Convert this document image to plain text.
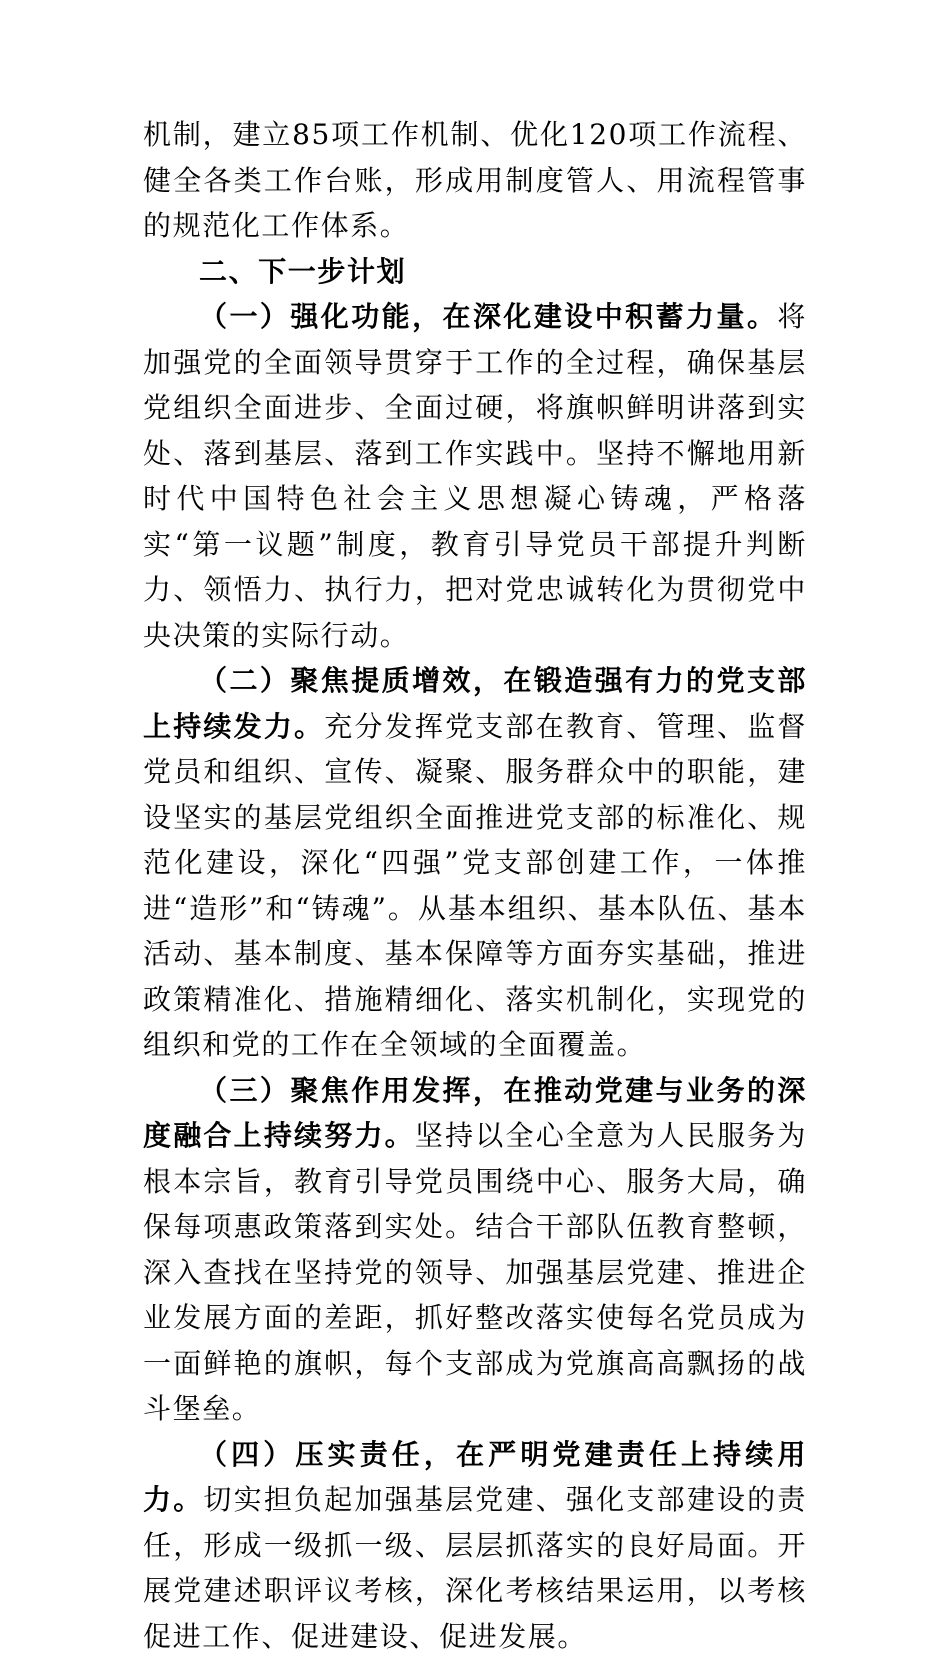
机制，建立85项工作机制、优化120项工作流程、健全各类工作台账，形成用制度管人、用流程管事的规范化工作体系。

二、下一步计划

（一）强化功能，在深化建设中积蓄力量。将加强党的全面领导贯穿于工作的全过程，确保基层党组织全面进步、全面过硬，将旗帜鲜明讲落到实处、落到基层、落到工作实践中。坚持不懈地用新时代中国特色社会主义思想凝心铸魂，严格落实“第一议题”制度，教育引导党员干部提升判断力、领悟力、执行力，把对党忠诚转化为贯彻党中央决策的实际行动。

（二）聚焦提质增效，在锻造强有力的党支部上持续发力。充分发挥党支部在教育、管理、监督党员和组织、宣传、凝聚、服务群众中的职能，建设坚实的基层党组织全面推进党支部的标准化、规范化建设，深化“四强”党支部创建工作，一体推进“造形”和“铸魂”。从基本组织、基本队伍、基本活动、基本制度、基本保障等方面夯实基础，推进政策精准化、措施精细化、落实机制化，实现党的组织和党的工作在全领域的全面覆盖。

（三）聚焦作用发挥，在推动党建与业务的深度融合上持续努力。坚持以全心全意为人民服务为根本宗旨，教育引导党员围绕中心、服务大局，确保每项惠政策落到实处。结合干部队伍教育整顿，深入查找在坚持党的领导、加强基层党建、推进企业发展方面的差距，抓好整改落实使每名党员成为一面鲜艳的旗帜，每个支部成为党旗高高飘扬的战斗堡垒。

（四）压实责任，在严明党建责任上持续用力。切实担负起加强基层党建、强化支部建设的责任，形成一级抓一级、层层抓落实的良好局面。开展党建述职评议考核，深化考核结果运用，以考核促进工作、促进建设、促进发展。
